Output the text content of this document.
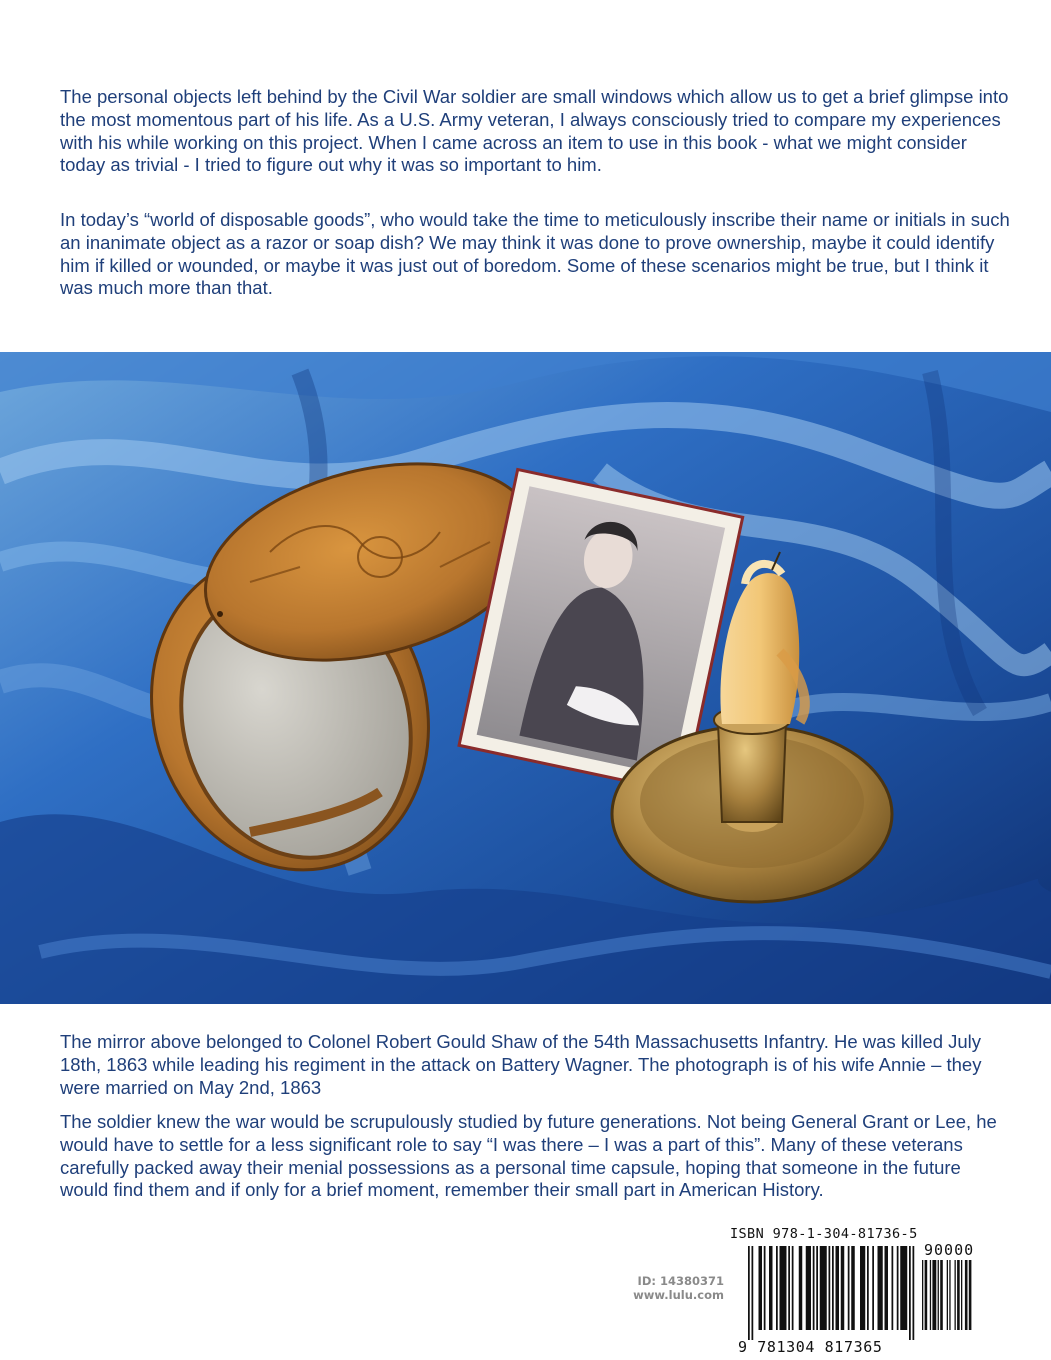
The personal objects left behind by the Civil War soldier are small windows which allow us to get a brief glimpse into the most momentous part of his life. As a U.S. Army veteran, I always consciously tried to compare my experiences with his while working on this project. When I came across an item to use in this book - what we might consider today as trivial - I tried to figure out why it was so important to him.

In today’s “world of disposable goods”, who would take the time to meticulously inscribe their name or initials in such an inanimate object as a razor or soap dish? We may think it was done to prove ownership, maybe it could identify him if killed or wounded, or maybe it was just out of boredom. Some of these scenarios might be true, but I think it was much more than that.

The mirror above belonged to Colonel Robert Gould Shaw of the 54th Massachusetts Infantry. He was killed July 18th, 1863 while leading his regiment in the attack on Battery Wagner. The photograph is of his wife Annie – they were married on May 2nd, 1863

The soldier knew the war would be scrupulously studied by future generations. Not being General Grant or Lee, he would have to settle for a less significant role to say “I was there – I was a part of this”. Many of these veterans carefully packed away their menial possessions as a personal time capsule, hoping that someone in the future would find them and if only for a brief moment, remember their small part in American History.

ID: 14380371
www.lulu.com
ISBN 978-1-304-81736-5
90000
9 781304 817365
